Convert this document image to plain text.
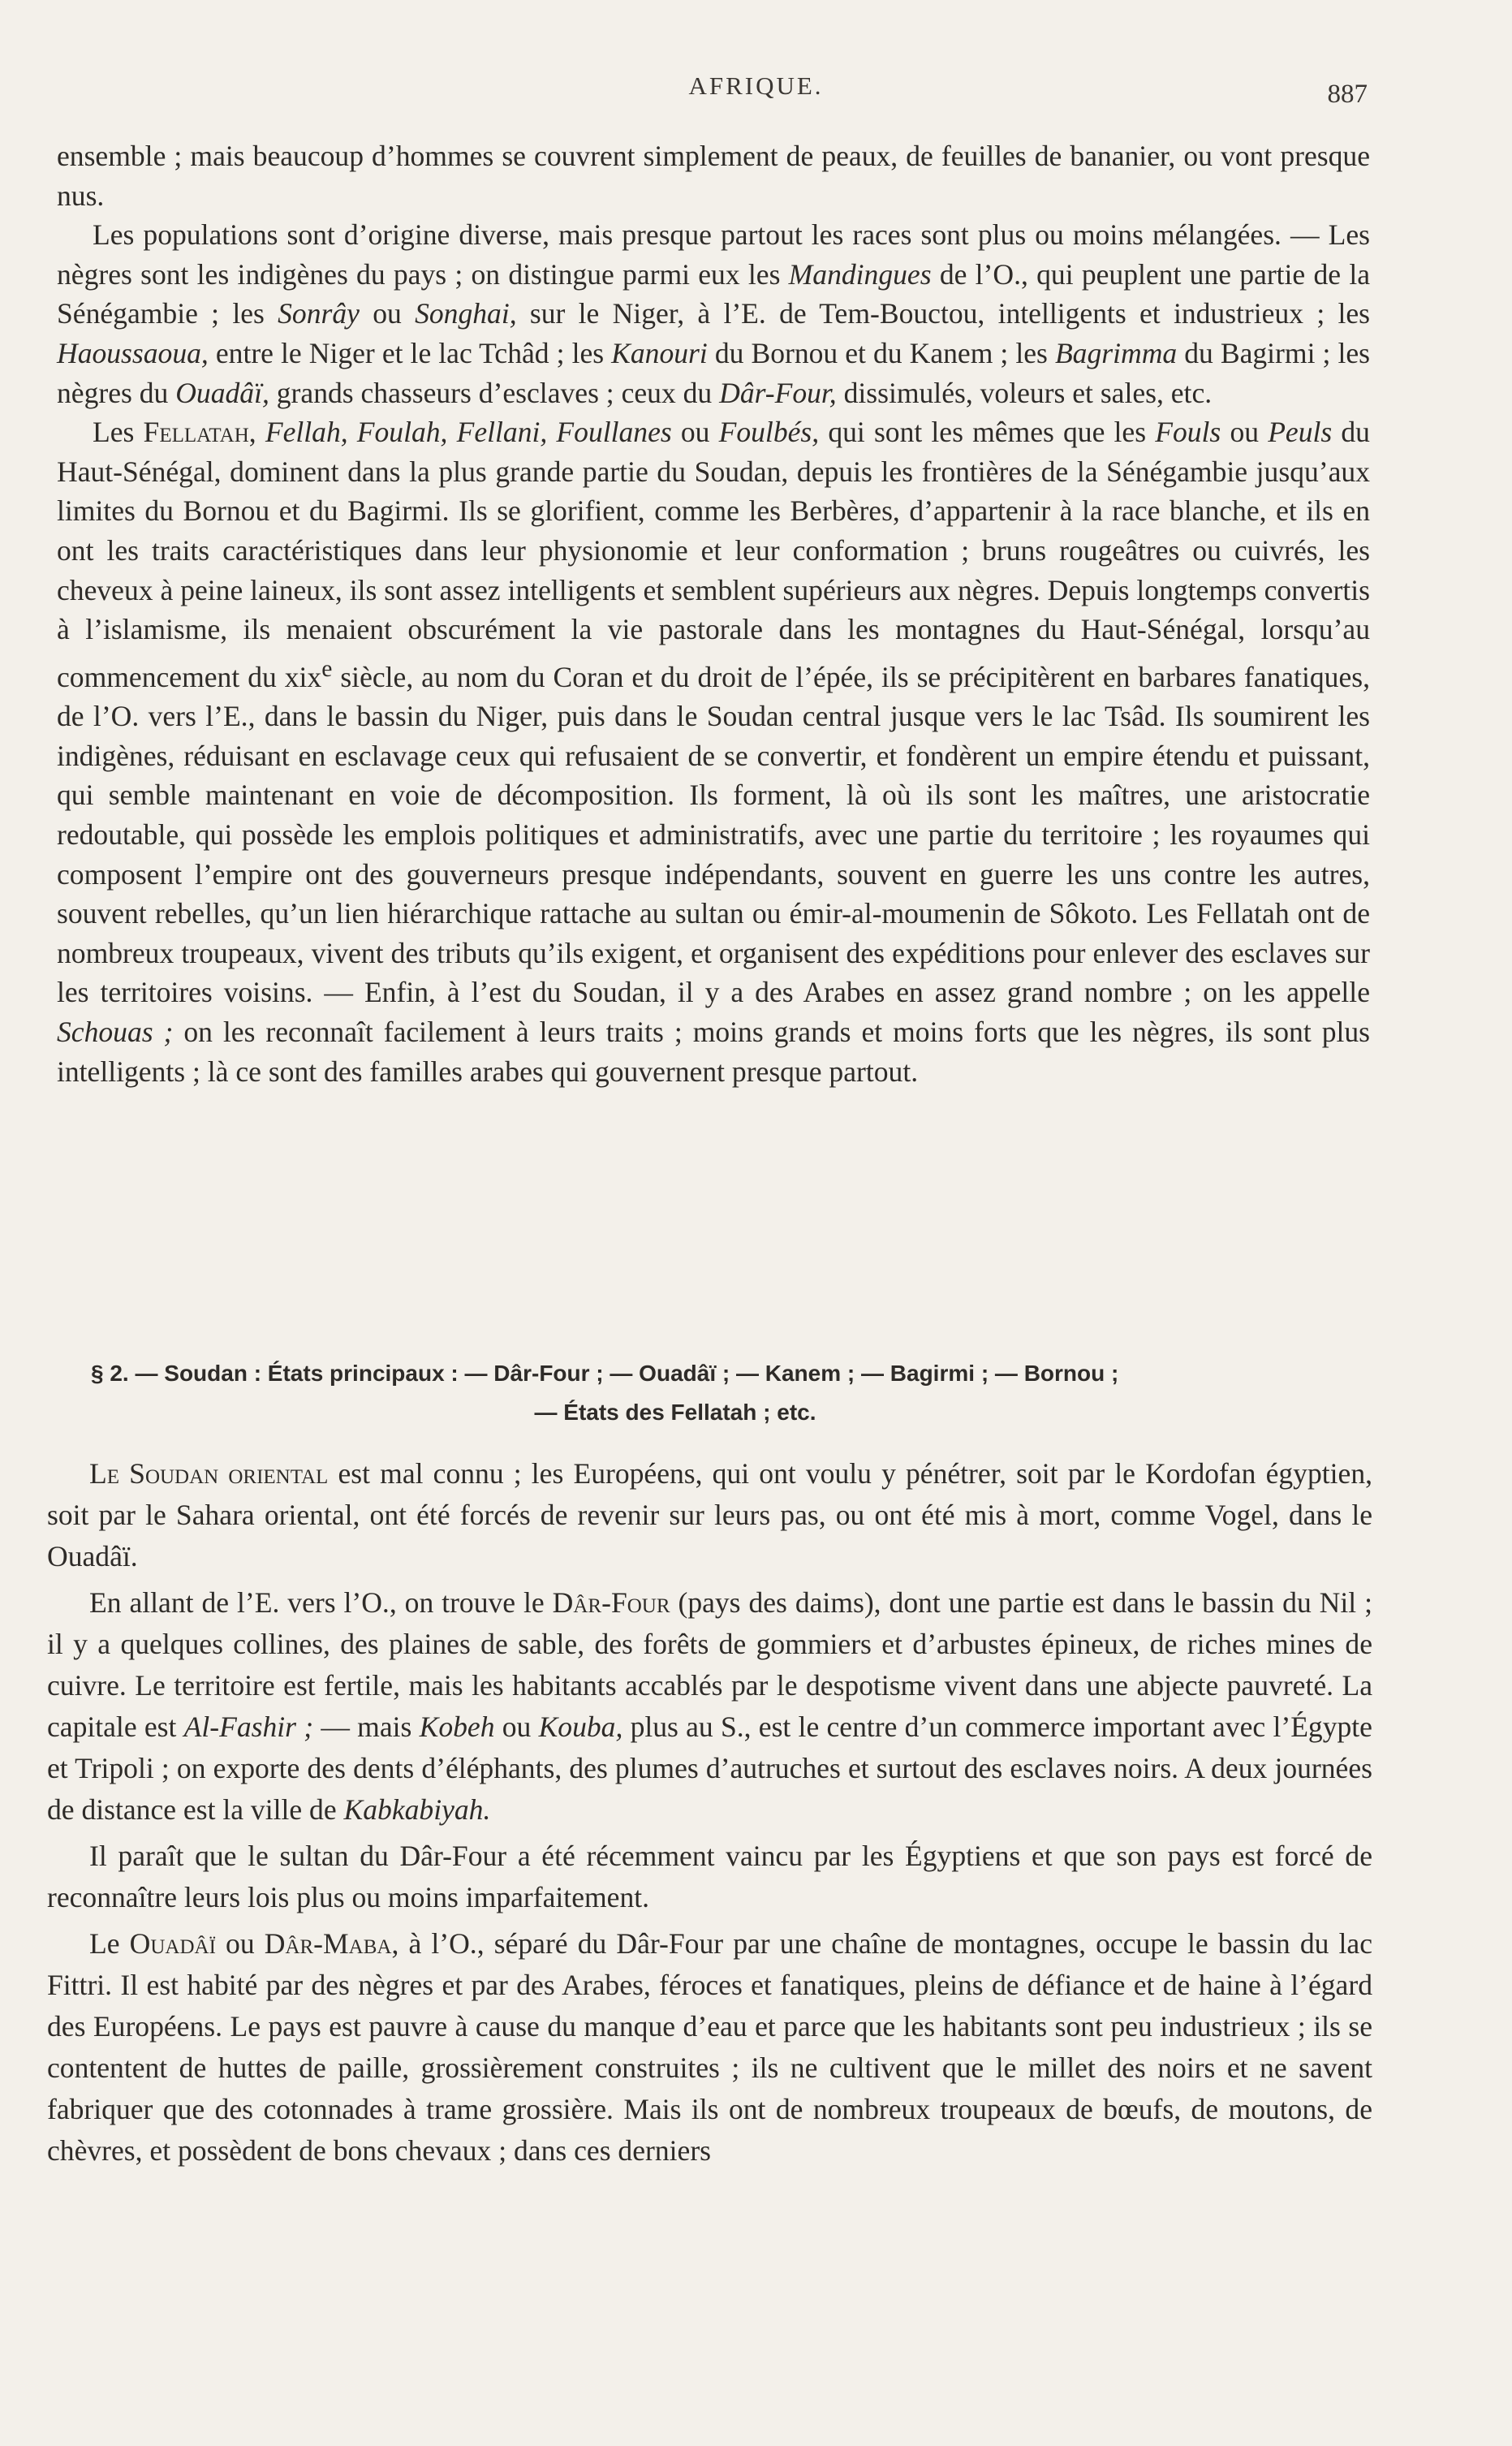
AFRIQUE.	887

ensemble ; mais beaucoup d’hommes se couvrent simplement de peaux, de feuilles de bananier, ou vont presque nus.

Les populations sont d’origine diverse, mais presque partout les races sont plus ou moins mélangées. — Les nègres sont les indigènes du pays ; on distingue parmi eux les Mandingues de l’O., qui peuplent une partie de la Sénégambie ; les Sonrây ou Songhai, sur le Niger, à l’E. de Tem-Bouctou, intelligents et industrieux ; les Haoussaoua, entre le Niger et le lac Tchâd ; les Kanouri du Bornou et du Kanem ; les Bagrimma du Bagirmi ; les nègres du Ouadâï, grands chasseurs d’esclaves ; ceux du Dâr-Four, dissimulés, voleurs et sales, etc.

Les Fellatah, Fellah, Foulah, Fellani, Foullanes ou Foulbés, qui sont les mêmes que les Fouls ou Peuls du Haut-Sénégal, dominent dans la plus grande partie du Soudan, depuis les frontières de la Sénégambie jusqu’aux limites du Bornou et du Bagirmi. Ils se glorifient, comme les Berbères, d’appartenir à la race blanche, et ils en ont les traits caractéristiques dans leur physionomie et leur conformation ; bruns rougeâtres ou cuivrés, les cheveux à peine laineux, ils sont assez intelligents et semblent supérieurs aux nègres. Depuis longtemps convertis à l’islamisme, ils menaient obscurément la vie pastorale dans les montagnes du Haut-Sénégal, lorsqu’au commencement du xix$^e$ siècle, au nom du Coran et du droit de l’épée, ils se précipitèrent en barbares fanatiques, de l’O. vers l’E., dans le bassin du Niger, puis dans le Soudan central jusque vers le lac Tsâd. Ils soumirent les indigènes, réduisant en esclavage ceux qui refusaient de se convertir, et fondèrent un empire étendu et puissant, qui semble maintenant en voie de décomposition. Ils forment, là où ils sont les maîtres, une aristocratie redoutable, qui possède les emplois politiques et administratifs, avec une partie du territoire ; les royaumes qui composent l’empire ont des gouverneurs presque indépendants, souvent en guerre les uns contre les autres, souvent rebelles, qu’un lien hiérarchique rattache au sultan ou émir-al-moumenin de Sôkoto. Les Fellatah ont de nombreux troupeaux, vivent des tributs qu’ils exigent, et organisent des expéditions pour enlever des esclaves sur les territoires voisins. — Enfin, à l’est du Soudan, il y a des Arabes en assez grand nombre ; on les appelle Schouas ; on les reconnaît facilement à leurs traits ; moins grands et moins forts que les nègres, ils sont plus intelligents ; là ce sont des familles arabes qui gouvernent presque partout.

§ 2. — Soudan : États principaux : — Dâr-Four ; — Ouadâï ; — Kanem ; — Bagirmi ; — Bornou ;
— États des Fellatah ; etc.

Le Soudan oriental est mal connu ; les Européens, qui ont voulu y pénétrer, soit par le Kordofan égyptien, soit par le Sahara oriental, ont été forcés de revenir sur leurs pas, ou ont été mis à mort, comme Vogel, dans le Ouadâï.

En allant de l’E. vers l’O., on trouve le Dâr-Four (pays des daims), dont une partie est dans le bassin du Nil ; il y a quelques collines, des plaines de sable, des forêts de gommiers et d’arbustes épineux, de riches mines de cuivre. Le territoire est fertile, mais les habitants accablés par le despotisme vivent dans une abjecte pauvreté. La capitale est Al-Fashir ; — mais Kobeh ou Kouba, plus au S., est le centre d’un commerce important avec l’Égypte et Tripoli ; on exporte des dents d’éléphants, des plumes d’autruches et surtout des esclaves noirs. A deux journées de distance est la ville de Kabkabiyah.

Il paraît que le sultan du Dâr-Four a été récemment vaincu par les Égyptiens et que son pays est forcé de reconnaître leurs lois plus ou moins imparfaitement.

Le Ouadâï ou Dâr-Maba, à l’O., séparé du Dâr-Four par une chaîne de montagnes, occupe le bassin du lac Fittri. Il est habité par des nègres et par des Arabes, féroces et fanatiques, pleins de défiance et de haine à l’égard des Européens. Le pays est pauvre à cause du manque d’eau et parce que les habitants sont peu industrieux ; ils se contentent de huttes de paille, grossièrement construites ; ils ne cultivent que le millet des noirs et ne savent fabriquer que des cotonnades à trame grossière. Mais ils ont de nombreux troupeaux de bœufs, de moutons, de chèvres, et possèdent de bons chevaux ; dans ces derniers
